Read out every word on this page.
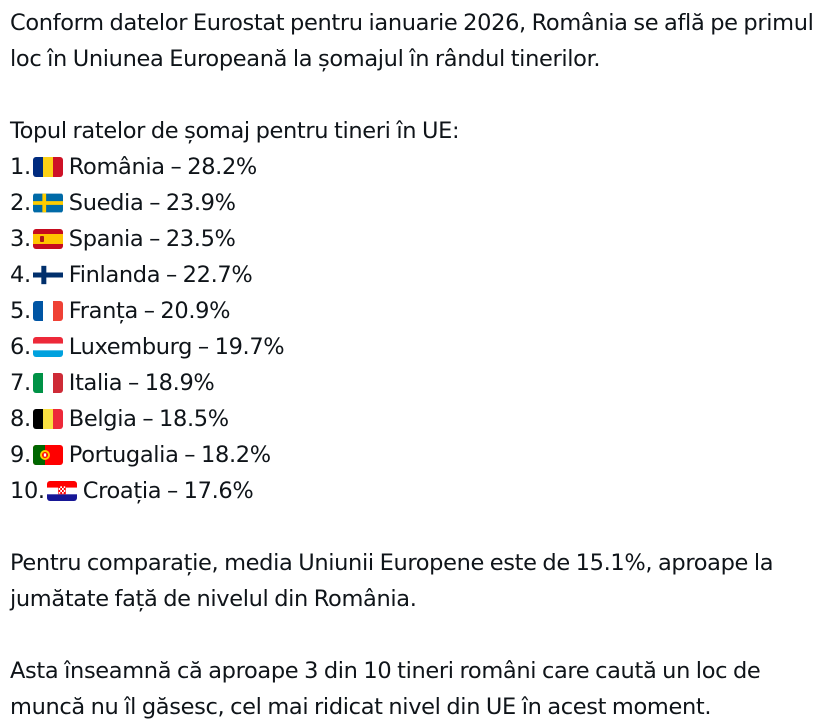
Conform datelor Eurostat pentru ianuarie 2026, România se află pe primul loc în Uniunea Europeană la șomajul în rândul tinerilor.

Topul ratelor de șomaj pentru tineri în UE:

1. România – 28.2%
2. Suedia – 23.9%
3. Spania – 23.5%
4. Finlanda – 22.7%
5. Franța – 20.9%
6. Luxemburg – 19.7%
7. Italia – 18.9%
8. Belgia – 18.5%
9. Portugalia – 18.2%
10. Croația – 17.6%

Pentru comparație, media Uniunii Europene este de 15.1%, aproape la jumătate față de nivelul din România.

Asta înseamnă că aproape 3 din 10 tineri români care caută un loc de muncă nu îl găsesc, cel mai ridicat nivel din UE în acest moment.
